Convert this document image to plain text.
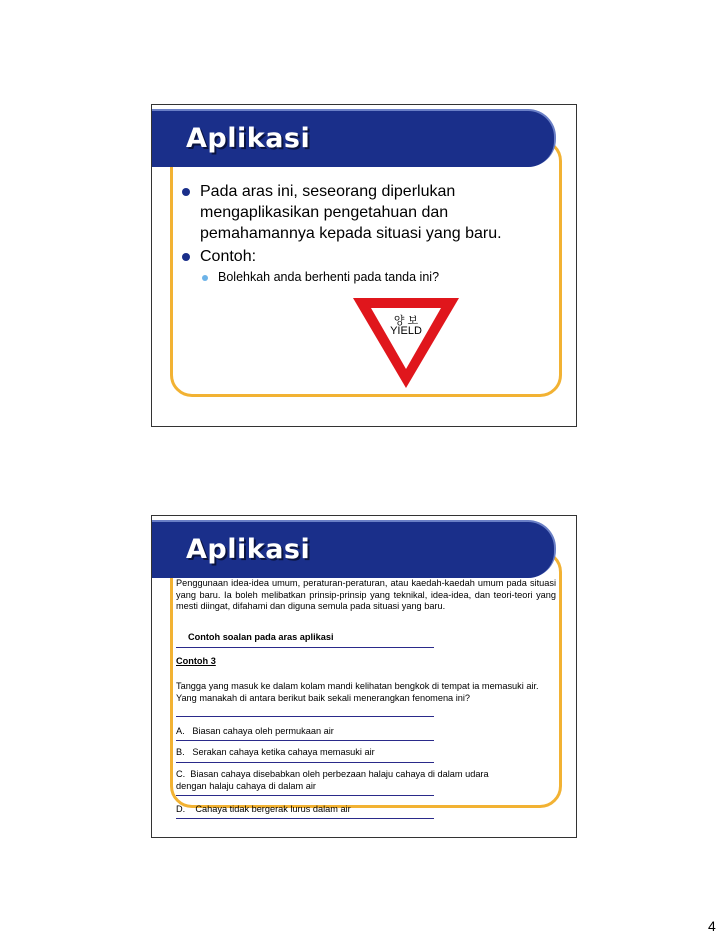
Aplikasi
Pada aras ini, seseorang diperlukan
mengaplikasikan pengetahuan dan
pemahamannya kepada situasi yang baru.
Contoh:
Bolehkah anda berhenti pada tanda ini?
양 보
YIELD
Aplikasi
Penggunaan idea-idea umum, peraturan-peraturan, atau kaedah-kaedah umum pada situasi yang baru. Ia boleh melibatkan prinsip-prinsip yang teknikal, idea-idea, dan teori-teori yang mesti diingat, difahami dan diguna semula pada situasi yang baru.
Contoh soalan pada aras aplikasi
Contoh 3
Tangga yang masuk ke dalam kolam mandi kelihatan bengkok di tempat ia memasuki air. Yang manakah di antara berikut baik sekali menerangkan fenomena ini?
A. Biasan cahaya oleh permukaan air
B. Serakan cahaya ketika cahaya memasuki air
C. Biasan cahaya disebabkan oleh perbezaan halaju cahaya di dalam udara dengan halaju cahaya di dalam air
D. Cahaya tidak bergerak lurus dalam air
4
